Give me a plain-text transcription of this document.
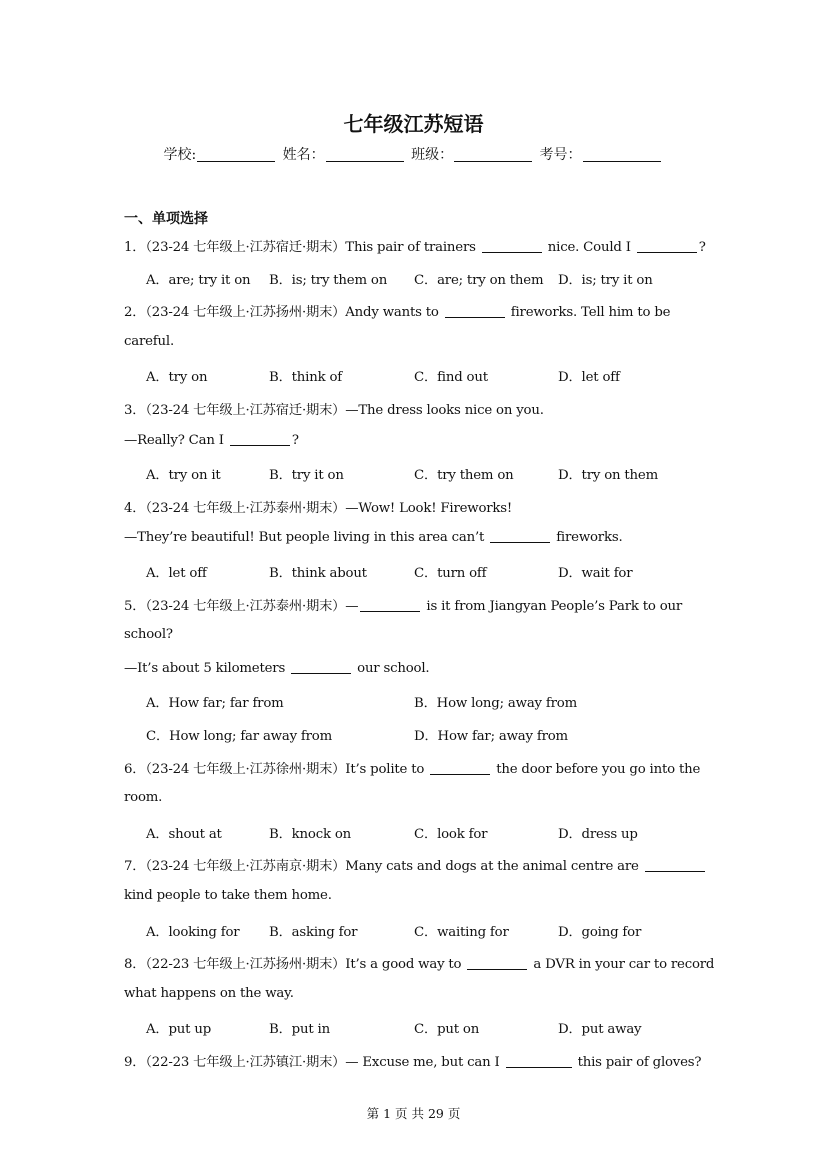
七年级江苏短语
学校:	姓名：	班级：	考号：
一、单项选择
1．（23-24 七年级上·江苏宿迁·期末）This pair of trainers	nice. Could I	?
A．are; try it on B．is; try them on C．are; try on them D．is; try it on
2．（23-24 七年级上·江苏扬州·期末）Andy wants to	fireworks. Tell him to be
careful.
A．try on	B．think of	C．find out	D．let off
3．（23-24 七年级上·江苏宿迁·期末）—The dress looks nice on you.
—Really? Can I	?
A．try on it	B．try it on	C．try them on	D．try on them
4．（23-24 七年级上·江苏泰州·期末）—Wow! Look! Fireworks!
—They’re beautiful! But people living in this area can’t	fireworks.
A．let off	B．think about	C．turn off	D．wait for
5．（23-24 七年级上·江苏泰州·期末）—	is it from Jiangyan People’s Park to our
school?
—It’s about 5 kilometers	our school.
A．How far; far from	B．How long; away from
C．How long; far away from	D．How far; away from
6．（23-24 七年级上·江苏徐州·期末）It’s polite to	the door before you go into the
room.
A．shout at	B．knock on	C．look for	D．dress up
7．（23-24 七年级上·江苏南京·期末）Many cats and dogs at the animal centre are
kind people to take them home.
A．looking for B．asking for	C．waiting for	D．going for
8．（22-23 七年级上·江苏扬州·期末）It’s a good way to	a DVR in your car to record
what happens on the way.
A．put up	B．put in	C．put on	D．put away
9．（22-23 七年级上·江苏镇江·期末）— Excuse me, but can I	this pair of gloves?
第 1 页 共 29 页
